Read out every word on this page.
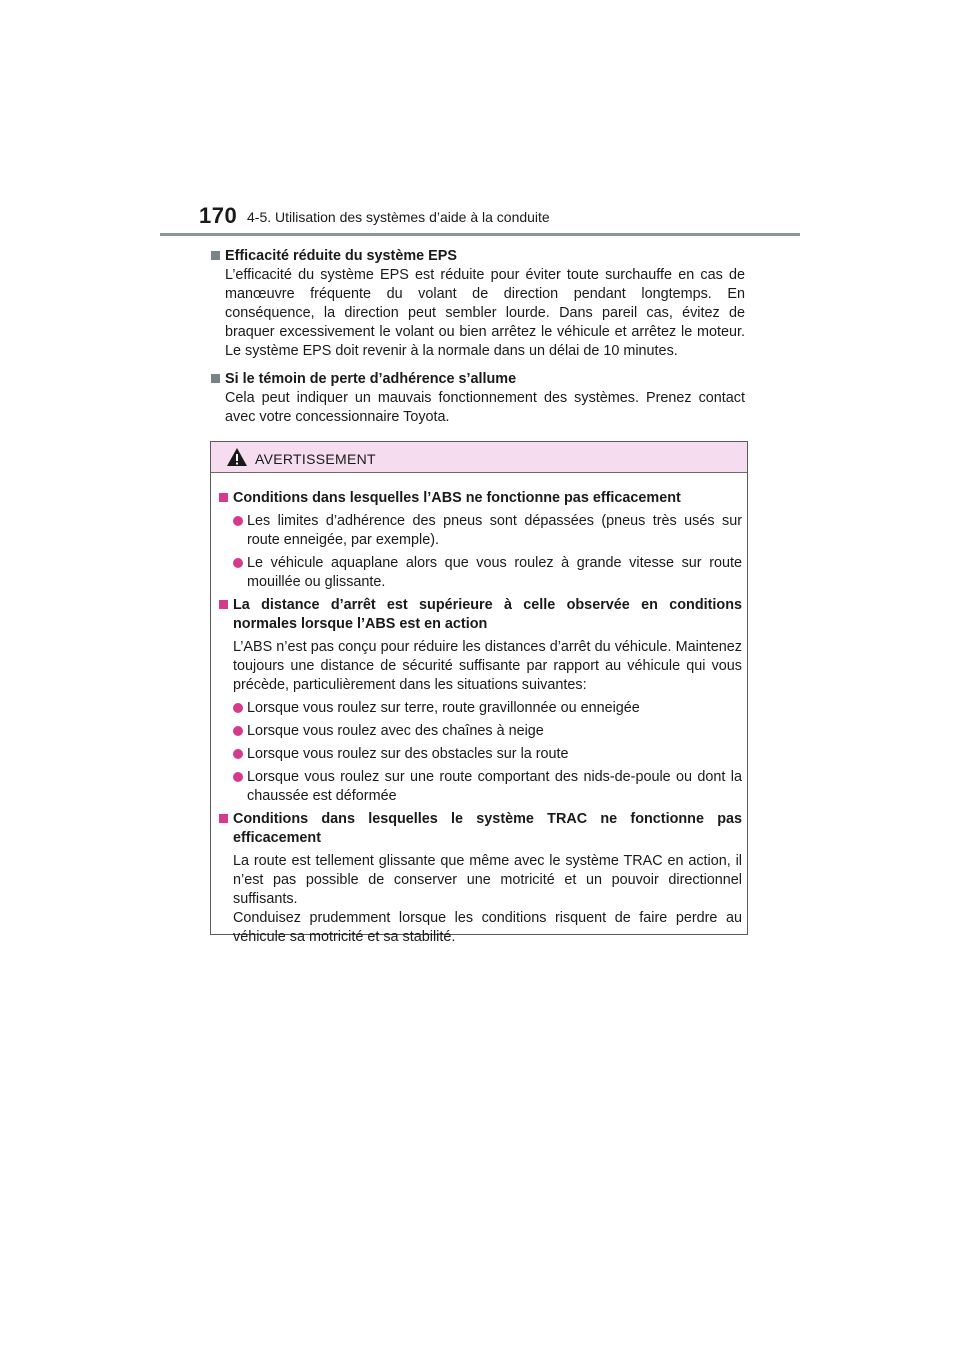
170 4-5. Utilisation des systèmes d’aide à la conduite
Efficacité réduite du système EPS
L’efficacité du système EPS est réduite pour éviter toute surchauffe en cas de manœuvre fréquente du volant de direction pendant longtemps. En conséquence, la direction peut sembler lourde. Dans pareil cas, évitez de braquer excessivement le volant ou bien arrêtez le véhicule et arrêtez le moteur. Le système EPS doit revenir à la normale dans un délai de 10 minutes.
Si le témoin de perte d’adhérence s’allume
Cela peut indiquer un mauvais fonctionnement des systèmes. Prenez contact avec votre concessionnaire Toyota.
AVERTISSEMENT
Conditions dans lesquelles l’ABS ne fonctionne pas efficacement
Les limites d’adhérence des pneus sont dépassées (pneus très usés sur route enneigée, par exemple).
Le véhicule aquaplane alors que vous roulez à grande vitesse sur route mouillée ou glissante.
La distance d’arrêt est supérieure à celle observée en conditions normales lorsque l’ABS est en action
L’ABS n’est pas conçu pour réduire les distances d’arrêt du véhicule. Maintenez toujours une distance de sécurité suffisante par rapport au véhicule qui vous précède, particulièrement dans les situations suivantes:
Lorsque vous roulez sur terre, route gravillonnée ou enneigée
Lorsque vous roulez avec des chaînes à neige
Lorsque vous roulez sur des obstacles sur la route
Lorsque vous roulez sur une route comportant des nids-de-poule ou dont la chaussée est déformée
Conditions dans lesquelles le système TRAC ne fonctionne pas efficacement
La route est tellement glissante que même avec le système TRAC en action, il n’est pas possible de conserver une motricité et un pouvoir directionnel suffisants.
Conduisez prudemment lorsque les conditions risquent de faire perdre au véhicule sa motricité et sa stabilité.
